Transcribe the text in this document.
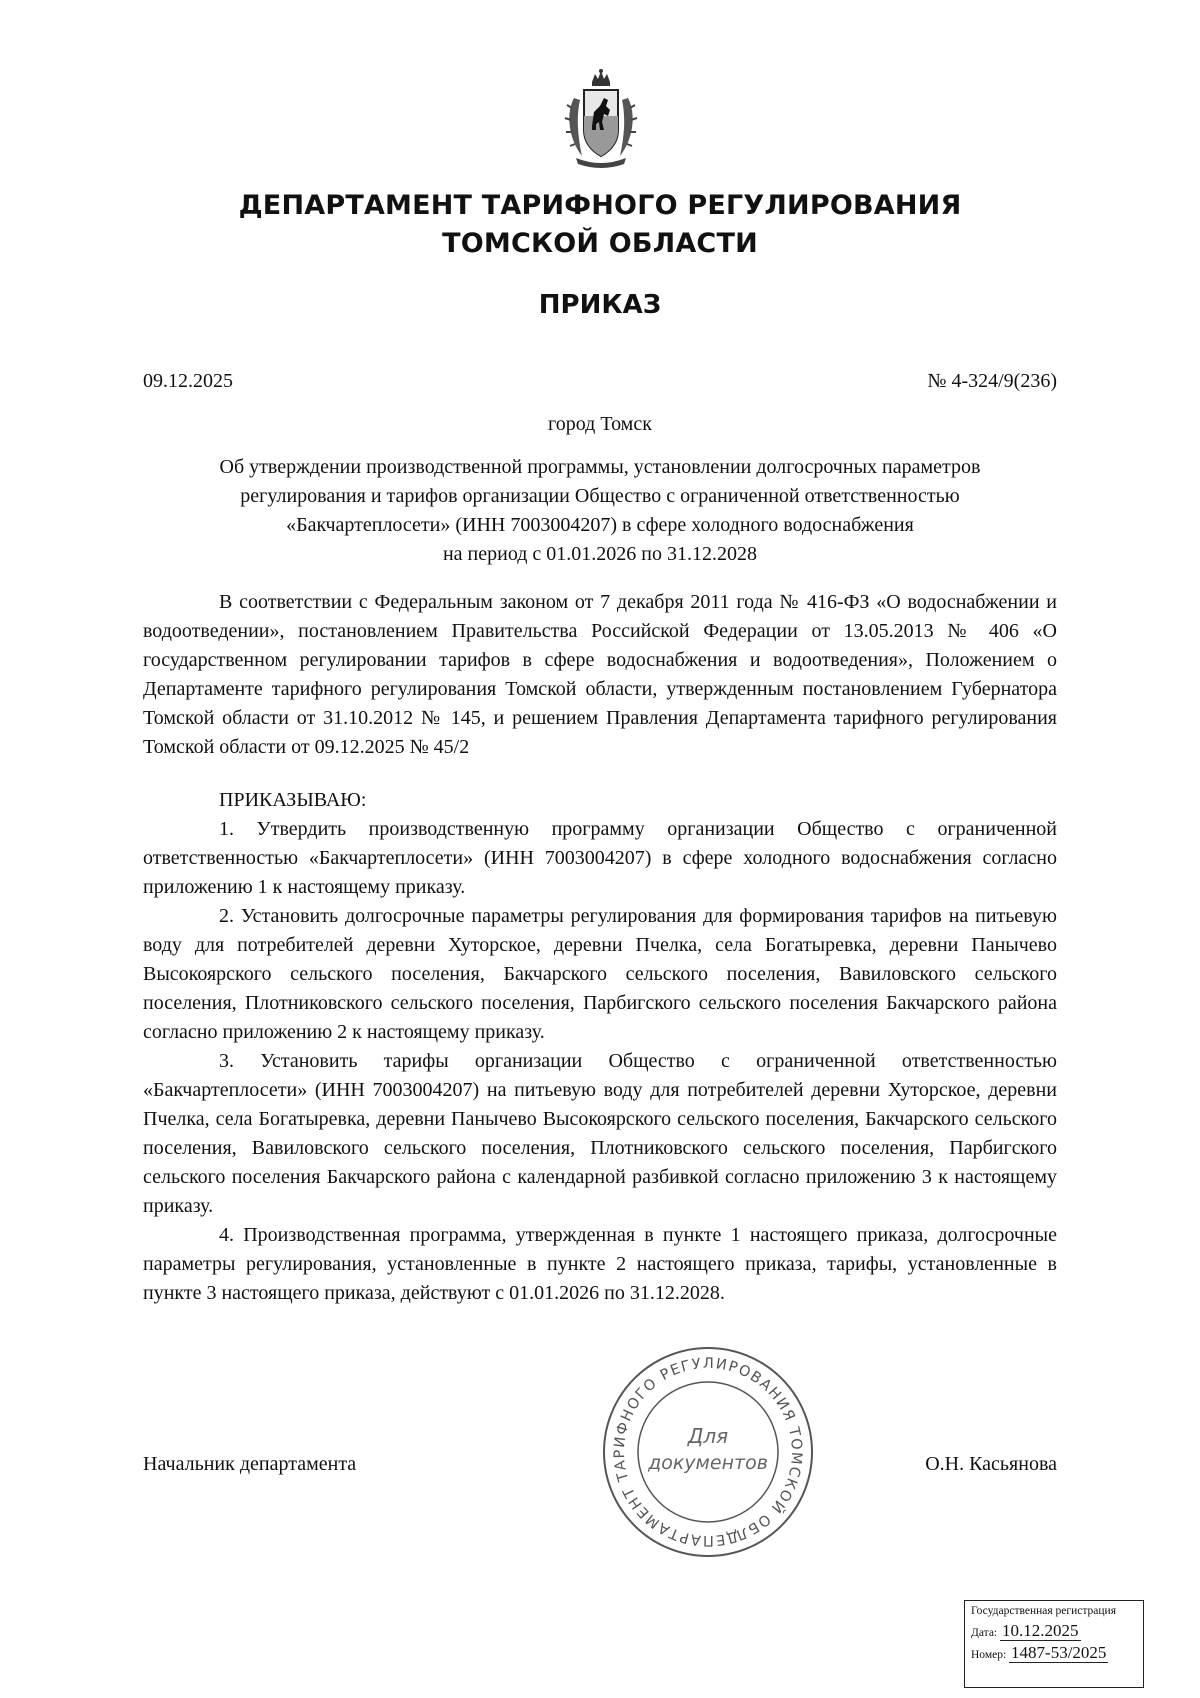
ДЕПАРТАМЕНТ ТАРИФНОГО РЕГУЛИРОВАНИЯ
ТОМСКОЙ ОБЛАСТИ
ПРИКАЗ
09.12.2025	№ 4-324/9(236)
город Томск
Об утверждении производственной программы, установлении долгосрочных параметров
регулирования и тарифов организации Общество с ограниченной ответственностью
«Бакчартеплосети» (ИНН 7003004207) в сфере холодного водоснабжения
на период с 01.01.2026 по 31.12.2028

В соответствии с Федеральным законом от 7 декабря 2011 года № 416-ФЗ «О водоснабжении и водоотведении», постановлением Правительства Российской Федерации от 13.05.2013 № 406 «О государственном регулировании тарифов в сфере водоснабжения и водоотведения», Положением о Департаменте тарифного регулирования Томской области, утвержденным постановлением Губернатора Томской области от 31.10.2012 № 145, и решением Правления Департамента тарифного регулирования Томской области от 09.12.2025 № 45/2

ПРИКАЗЫВАЮ:

1. Утвердить производственную программу организации Общество с ограниченной ответственностью «Бакчартеплосети» (ИНН 7003004207) в сфере холодного водоснабжения согласно приложению 1 к настоящему приказу.

2. Установить долгосрочные параметры регулирования для формирования тарифов на питьевую воду для потребителей деревни Хуторское, деревни Пчелка, села Богатыревка, деревни Панычево Высокоярского сельского поселения, Бакчарского сельского поселения, Вавиловского сельского поселения, Плотниковского сельского поселения, Парбигского сельского поселения Бакчарского района согласно приложению 2 к настоящему приказу.

3. Установить тарифы организации Общество с ограниченной ответственностью «Бакчартеплосети» (ИНН 7003004207) на питьевую воду для потребителей деревни Хуторское, деревни Пчелка, села Богатыревка, деревни Панычево Высокоярского сельского поселения, Бакчарского сельского поселения, Вавиловского сельского поселения, Плотниковского сельского поселения, Парбигского сельского поселения Бакчарского района с календарной разбивкой согласно приложению 3 к настоящему приказу.

4. Производственная программа, утвержденная в пункте 1 настоящего приказа, долгосрочные параметры регулирования, установленные в пункте 2 настоящего приказа, тарифы, установленные в пункте 3 настоящего приказа, действуют с 01.01.2026 по 31.12.2028.

Начальник департамента	О.Н. Касьянова
ДЕПАРТАМЕНТ ТАРИФНОГО РЕГУЛИРОВАНИЯ ТОМСКОЙ ОБЛАСТИ
Для
документов
Государственная регистрация
Дата: 10.12.2025
Номер: 1487-53/2025
